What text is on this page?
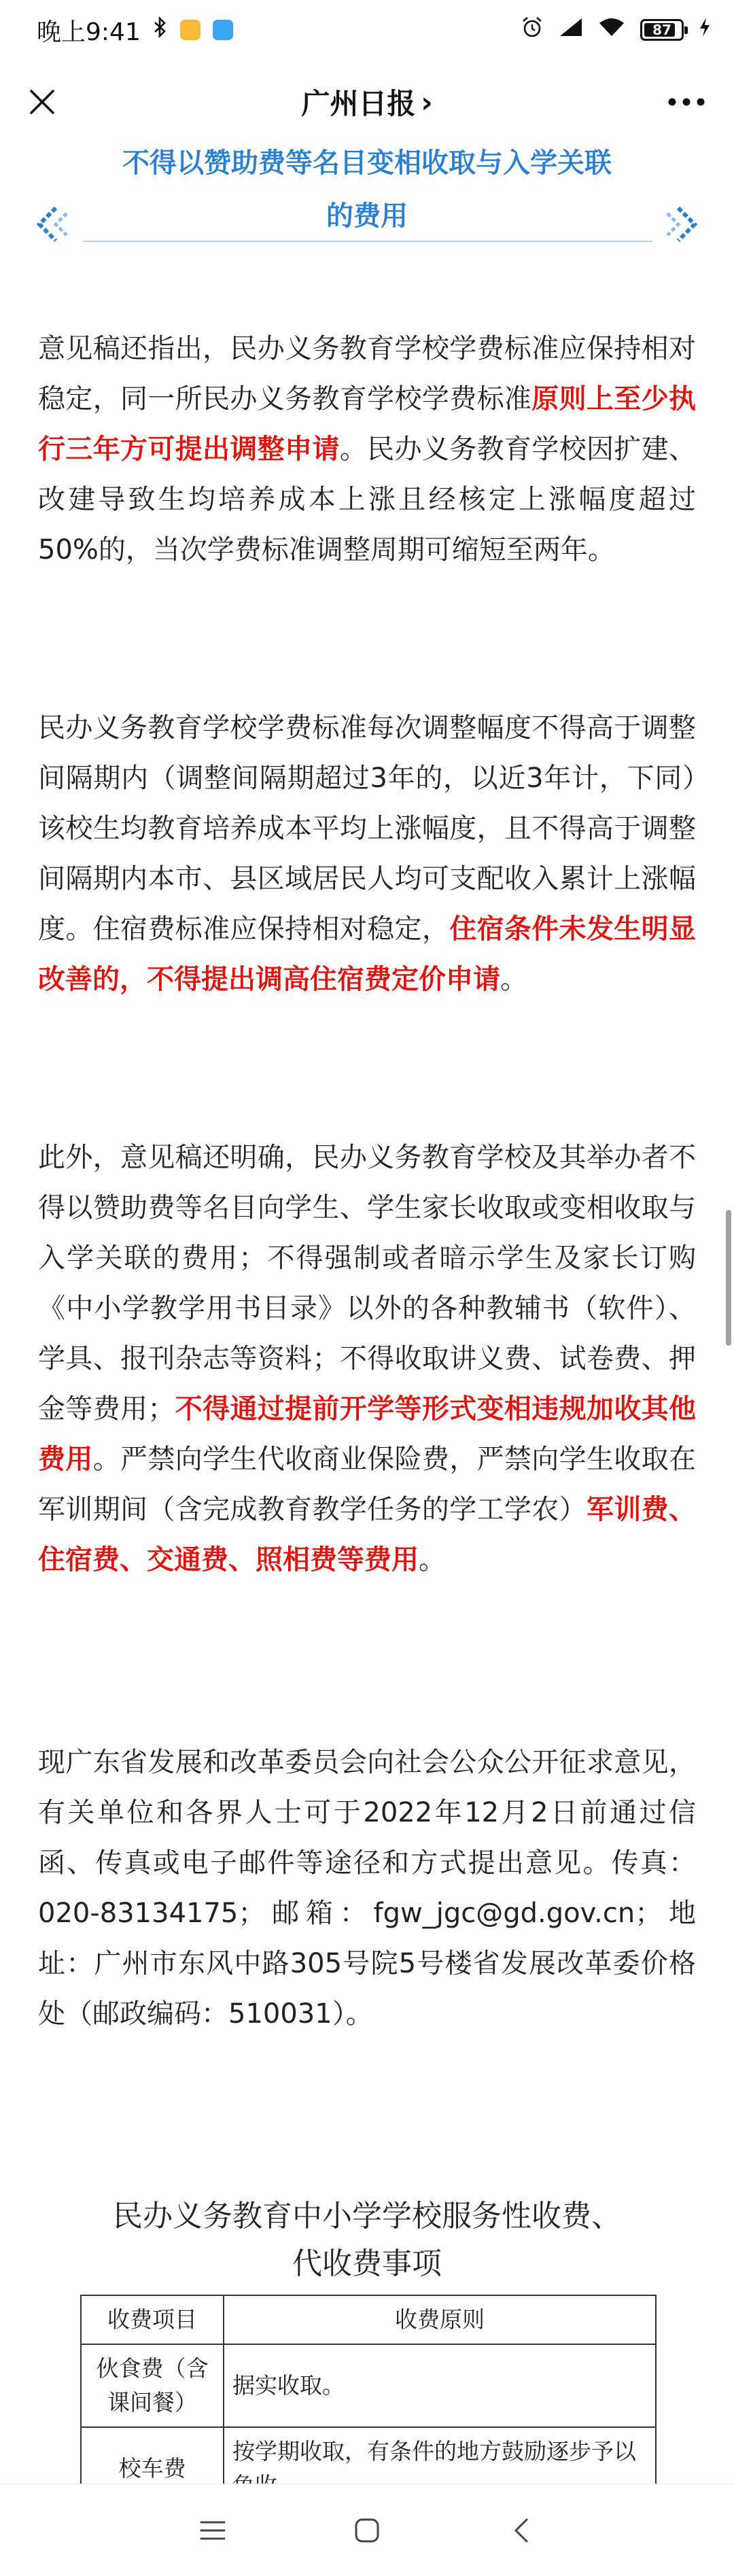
晚上9:41	87
广州日报 ›
不得以赞助费等名目变相收取与入学关联
的费用

意见稿还指出，民办义务教育学校学费标准应保持相对稳定，同一所民办义务教育学校学费标准原则上至少执行三年方可提出调整申请。民办义务教育学校因扩建、改建导致生均培养成本上涨且经核定上涨幅度超过50%的，当次学费标准调整周期可缩短至两年。

民办义务教育学校学费标准每次调整幅度不得高于调整间隔期内（调整间隔期超过3年的，以近3年计，下同）该校生均教育培养成本平均上涨幅度，且不得高于调整间隔期内本市、县区域居民人均可支配收入累计上涨幅度。住宿费标准应保持相对稳定，住宿条件未发生明显改善的，不得提出调高住宿费定价申请。

此外，意见稿还明确，民办义务教育学校及其举办者不得以赞助费等名目向学生、学生家长收取或变相收取与入学关联的费用；不得强制或者暗示学生及家长订购《中小学教学用书目录》以外的各种教辅书（软件）、学具、报刊杂志等资料；不得收取讲义费、试卷费、押金等费用；不得通过提前开学等形式变相违规加收其他费用。严禁向学生代收商业保险费，严禁向学生收取在军训期间（含完成教育教学任务的学工学农）军训费、住宿费、交通费、照相费等费用。

现广东省发展和改革委员会向社会公众公开征求意见，有关单位和各界人士可于2022年12月2日前通过信函、传真或电子邮件等途径和方式提出意见。传真：020-83134175；邮箱：fgw_jgc@gd.gov.cn；地址：广州市东风中路305号院5号楼省发展改革委价格处（邮政编码：510031）。

民办义务教育中小学学校服务性收费、
代收费事项
收费项目	收费原则
伙食费（含课间餐）	据实收取。
校车费	按学期收取，有条件的地方鼓励逐步予以
